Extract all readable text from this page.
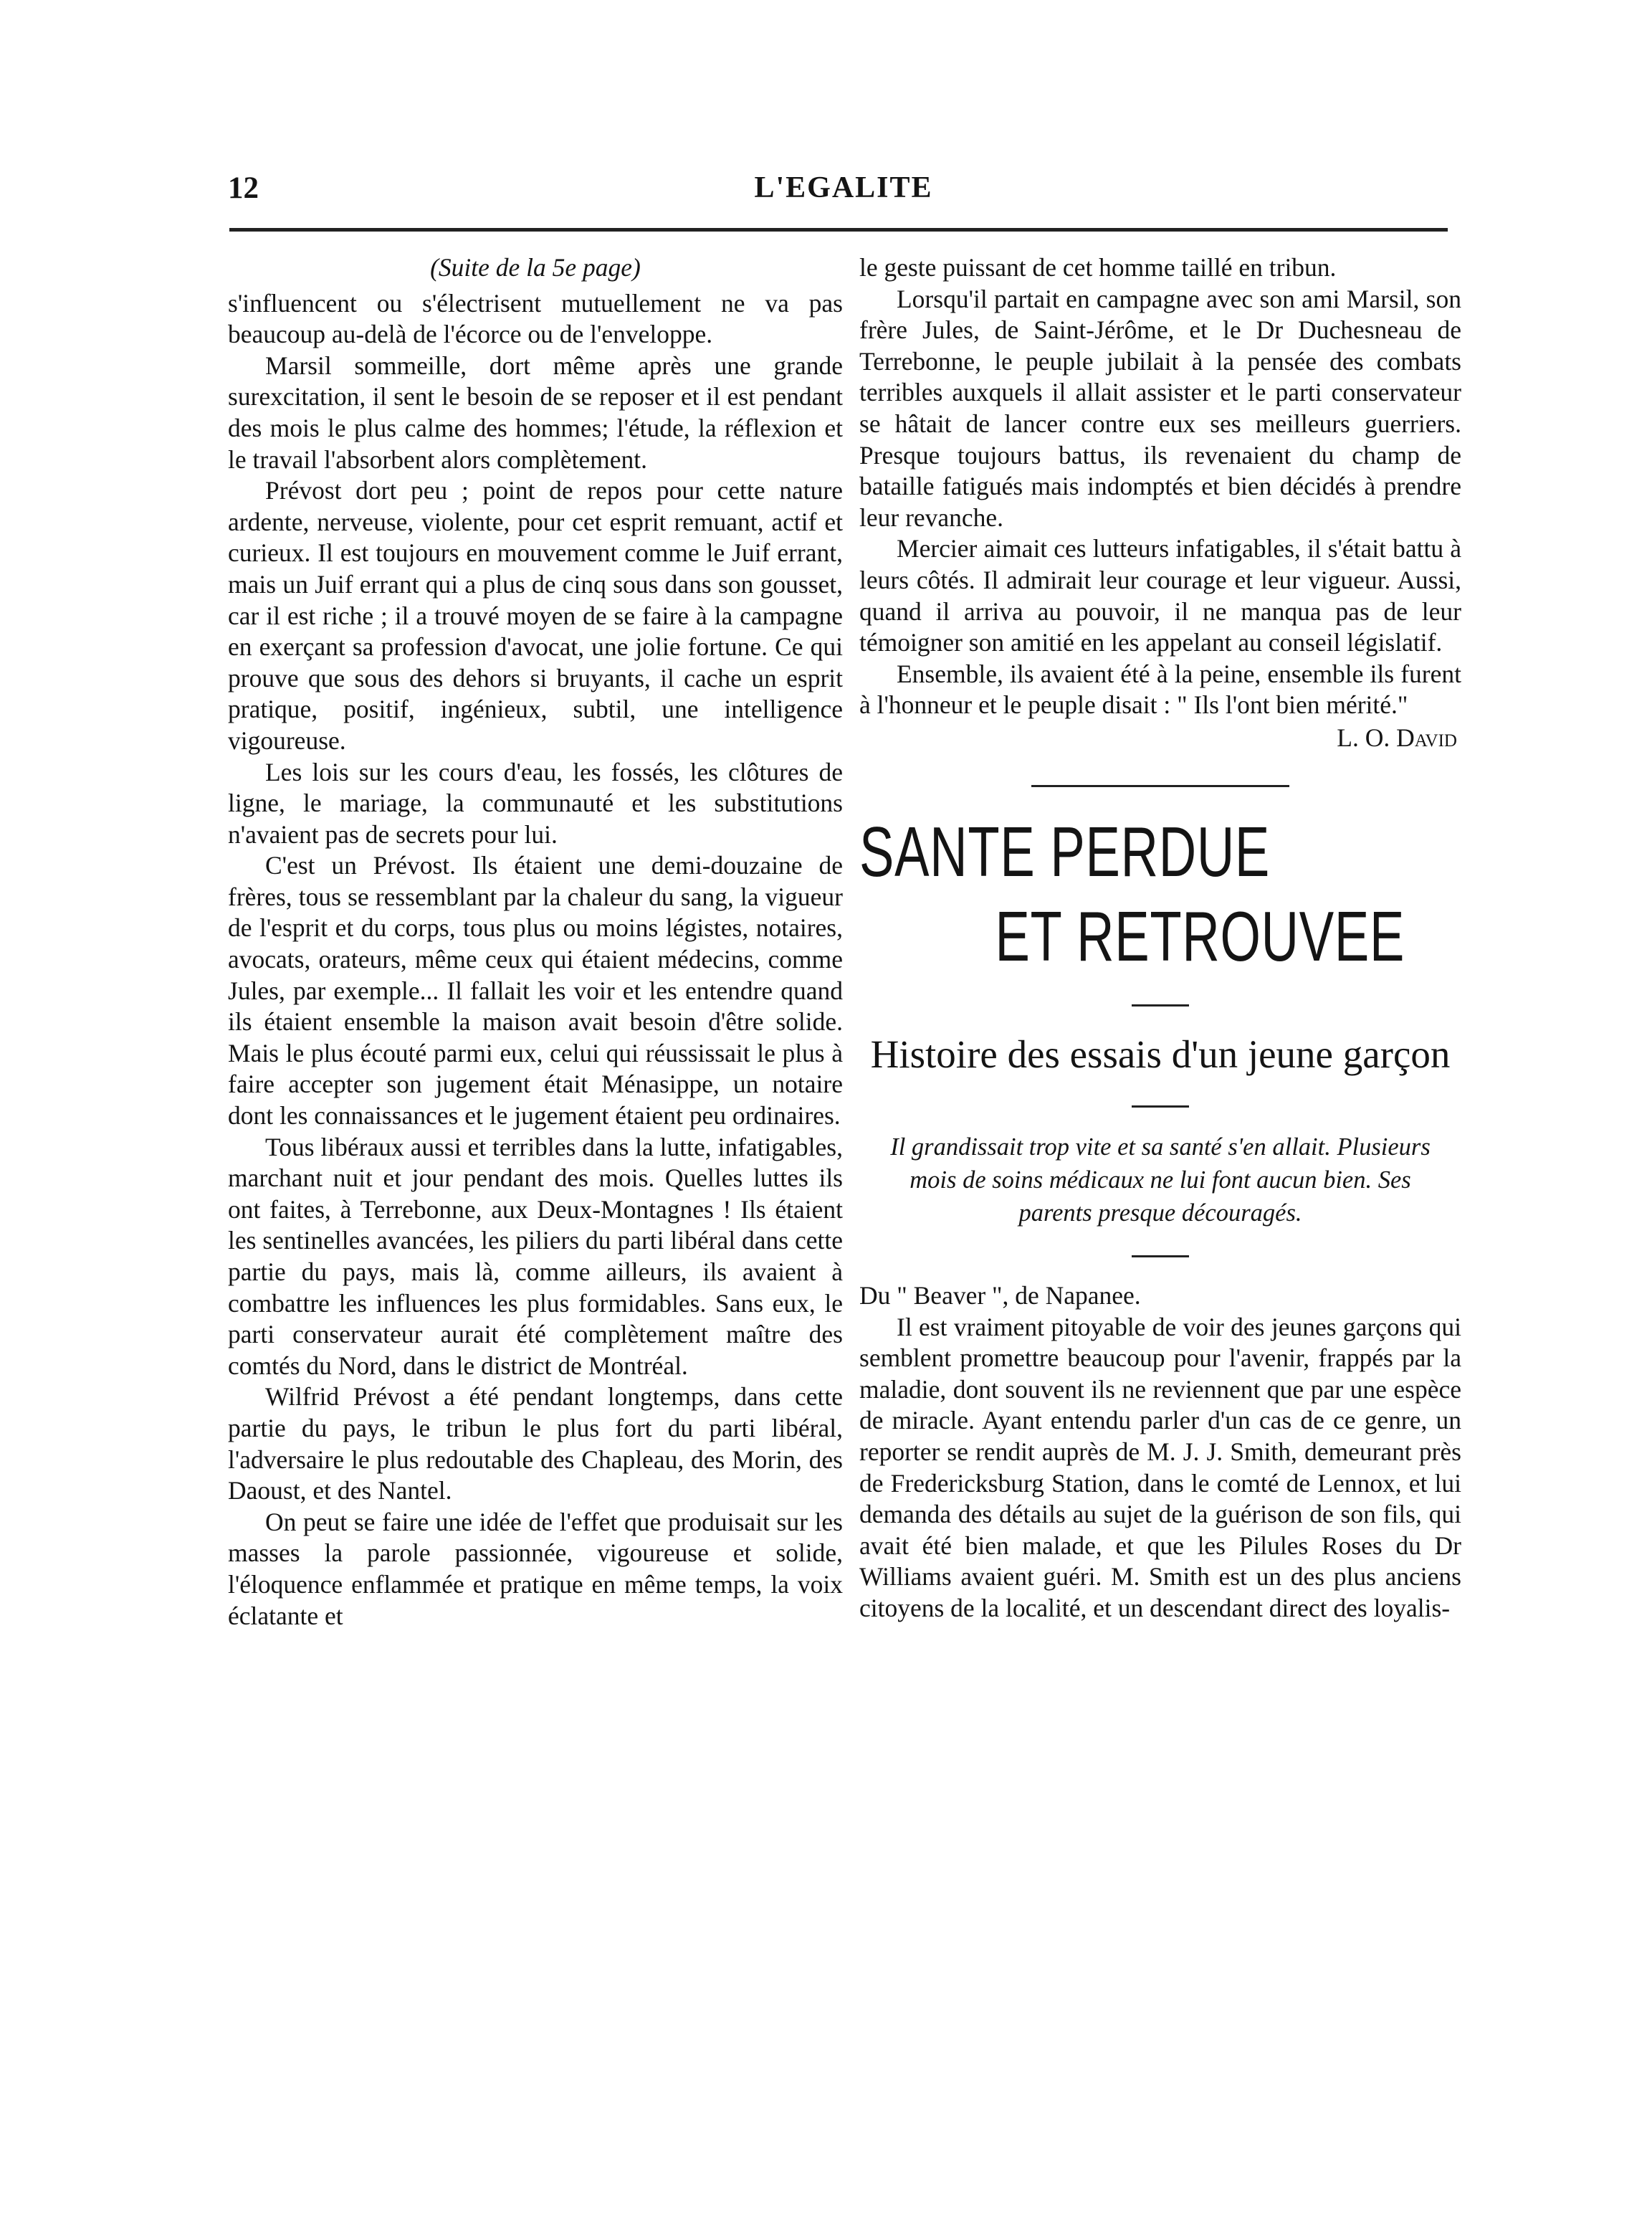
12	L'EGALITE

(Suite de la 5e page)

s'influencent ou s'électrisent mutuellement ne va pas beaucoup au-delà de l'écorce ou de l'enveloppe.

Marsil sommeille, dort même après une grande surexcitation, il sent le besoin de se reposer et il est pendant des mois le plus calme des hommes; l'étude, la réflexion et le travail l'absorbent alors complètement.

Prévost dort peu ; point de repos pour cette nature ardente, nerveuse, violente, pour cet esprit remuant, actif et curieux. Il est toujours en mouvement comme le Juif errant, mais un Juif errant qui a plus de cinq sous dans son gousset, car il est riche ; il a trouvé moyen de se faire à la campagne en exerçant sa profession d'avocat, une jolie fortune. Ce qui prouve que sous des dehors si bruyants, il cache un esprit pratique, positif, ingénieux, subtil, une intelligence vigoureuse.

Les lois sur les cours d'eau, les fossés, les clôtures de ligne, le mariage, la communauté et les substitutions n'avaient pas de secrets pour lui.

C'est un Prévost. Ils étaient une demi-douzaine de frères, tous se ressemblant par la chaleur du sang, la vigueur de l'esprit et du corps, tous plus ou moins légistes, notaires, avocats, orateurs, même ceux qui étaient médecins, comme Jules, par exemple... Il fallait les voir et les entendre quand ils étaient ensemble la maison avait besoin d'être solide. Mais le plus écouté parmi eux, celui qui réussissait le plus à faire accepter son jugement était Ménasippe, un notaire dont les connaissances et le jugement étaient peu ordinaires.

Tous libéraux aussi et terribles dans la lutte, infatigables, marchant nuit et jour pendant des mois. Quelles luttes ils ont faites, à Terrebonne, aux Deux-Montagnes ! Ils étaient les sentinelles avancées, les piliers du parti libéral dans cette partie du pays, mais là, comme ailleurs, ils avaient à combattre les influences les plus formidables. Sans eux, le parti conservateur aurait été complètement maître des comtés du Nord, dans le district de Montréal.

Wilfrid Prévost a été pendant longtemps, dans cette partie du pays, le tribun le plus fort du parti libéral, l'adversaire le plus redoutable des Chapleau, des Morin, des Daoust, et des Nantel.

On peut se faire une idée de l'effet que produisait sur les masses la parole passionnée, vigoureuse et solide, l'éloquence enflammée et pratique en même temps, la voix éclatante et

le geste puissant de cet homme taillé en tribun.

Lorsqu'il partait en campagne avec son ami Marsil, son frère Jules, de Saint-Jérôme, et le Dr Duchesneau de Terrebonne, le peuple jubilait à la pensée des combats terribles auxquels il allait assister et le parti conservateur se hâtait de lancer contre eux ses meilleurs guerriers. Presque toujours battus, ils revenaient du champ de bataille fatigués mais indomptés et bien décidés à prendre leur revanche.

Mercier aimait ces lutteurs infatigables, il s'était battu à leurs côtés. Il admirait leur courage et leur vigueur. Aussi, quand il arriva au pouvoir, il ne manqua pas de leur témoigner son amitié en les appelant au conseil législatif.

Ensemble, ils avaient été à la peine, ensemble ils furent à l'honneur et le peuple disait : " Ils l'ont bien mérité."

L. O. David
SANTE PERDUE
ET RETROUVEE
Histoire des essais d'un jeune garçon
Il grandissait trop vite et sa santé s'en allait. Plusieurs mois de soins médicaux ne lui font aucun bien. Ses parents presque découragés.

Du " Beaver ", de Napanee.

Il est vraiment pitoyable de voir des jeunes garçons qui semblent promettre beaucoup pour l'avenir, frappés par la maladie, dont souvent ils ne reviennent que par une espèce de miracle. Ayant entendu parler d'un cas de ce genre, un reporter se rendit auprès de M. J. J. Smith, demeurant près de Fredericksburg Station, dans le comté de Lennox, et lui demanda des détails au sujet de la guérison de son fils, qui avait été bien malade, et que les Pilules Roses du Dr Williams avaient guéri. M. Smith est un des plus anciens citoyens de la localité, et un descendant direct des loyalis-
